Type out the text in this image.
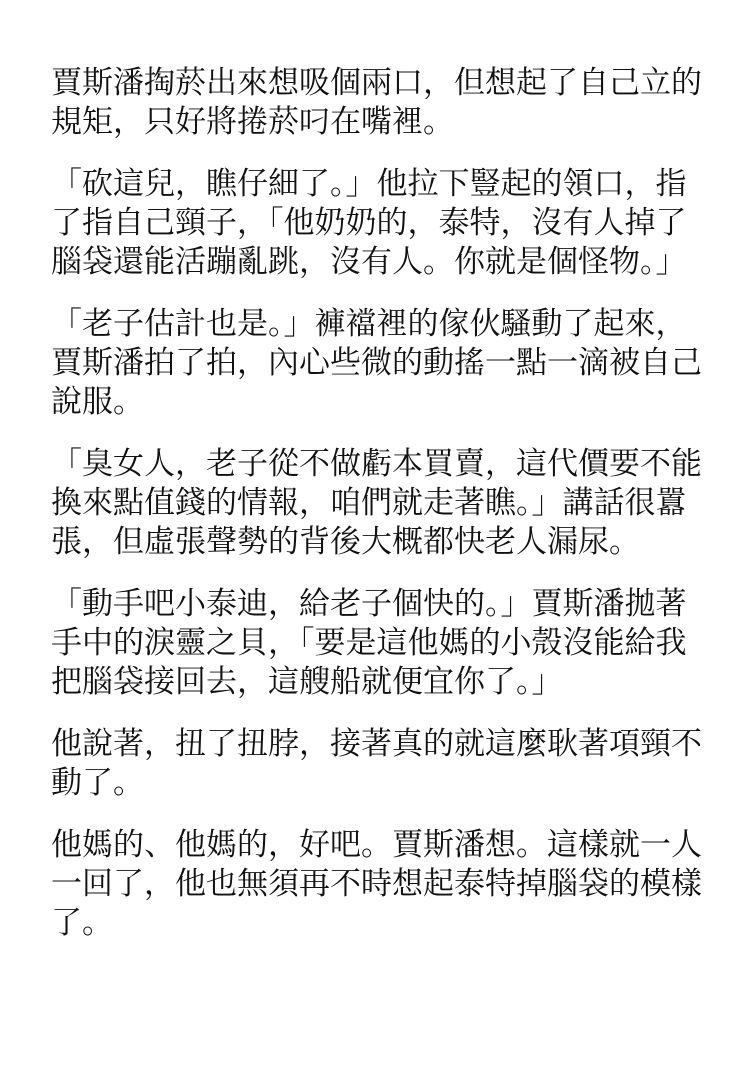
賈斯潘掏菸出來想吸個兩口，但想起了自己立的
規矩，只好將捲菸叼在嘴裡。
「砍這兒，瞧仔細了。」他拉下豎起的領口，指
了指自己頸子，「他奶奶的，泰特，沒有人掉了
腦袋還能活蹦亂跳，沒有人。你就是個怪物。」
「老子估計也是。」褲襠裡的傢伙騷動了起來，
賈斯潘拍了拍，內心些微的動搖一點一滴被自己
說服。
「臭女人，老子從不做虧本買賣，這代價要不能
換來點值錢的情報，咱們就走著瞧。」講話很囂
張，但虛張聲勢的背後大概都快老人漏尿。
「動手吧小泰迪，給老子個快的。」賈斯潘拋著
手中的淚靈之貝，「要是這他媽的小殼沒能給我
把腦袋接回去，這艘船就便宜你了。」
他說著，扭了扭脖，接著真的就這麼耿著項頸不
動了。
他媽的、他媽的，好吧。賈斯潘想。這樣就一人
一回了，他也無須再不時想起泰特掉腦袋的模樣
了。
